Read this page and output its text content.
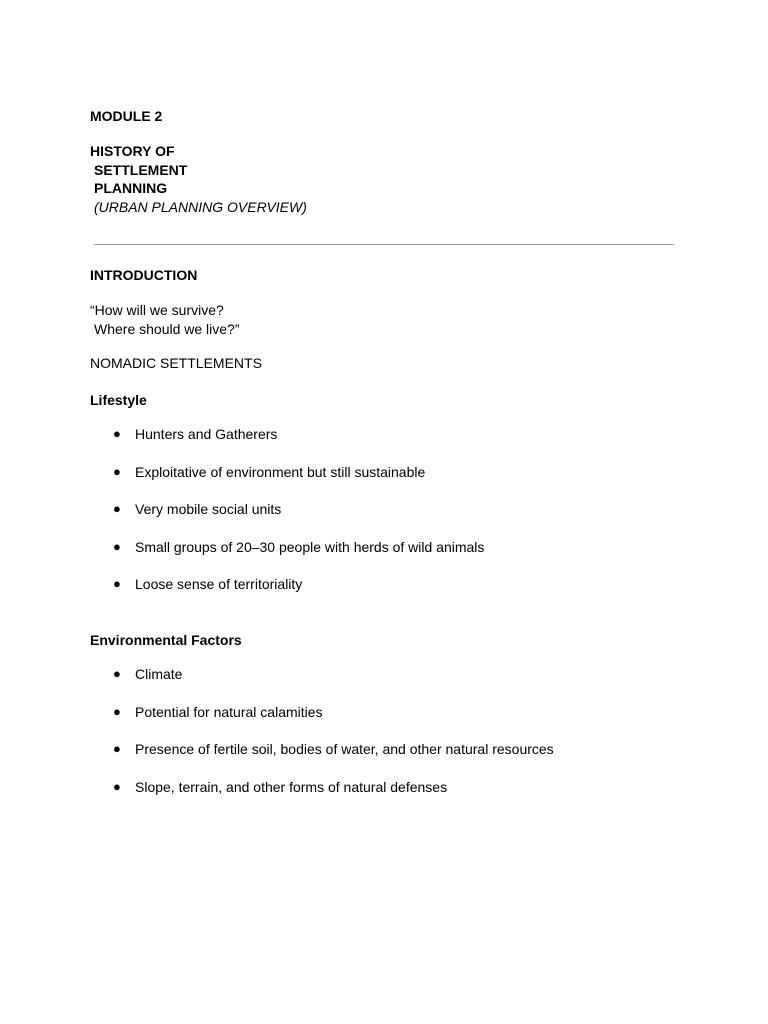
MODULE 2
HISTORY OF
SETTLEMENT
PLANNING
(URBAN PLANNING OVERVIEW)
INTRODUCTION
“How will we survive?
Where should we live?”
NOMADIC SETTLEMENTS
Lifestyle
● Hunters and Gatherers
● Exploitative of environment but still sustainable
● Very mobile social units
● Small groups of 20–30 people with herds of wild animals
● Loose sense of territoriality
Environmental Factors
● Climate
● Potential for natural calamities
● Presence of fertile soil, bodies of water, and other natural resources
● Slope, terrain, and other forms of natural defenses
